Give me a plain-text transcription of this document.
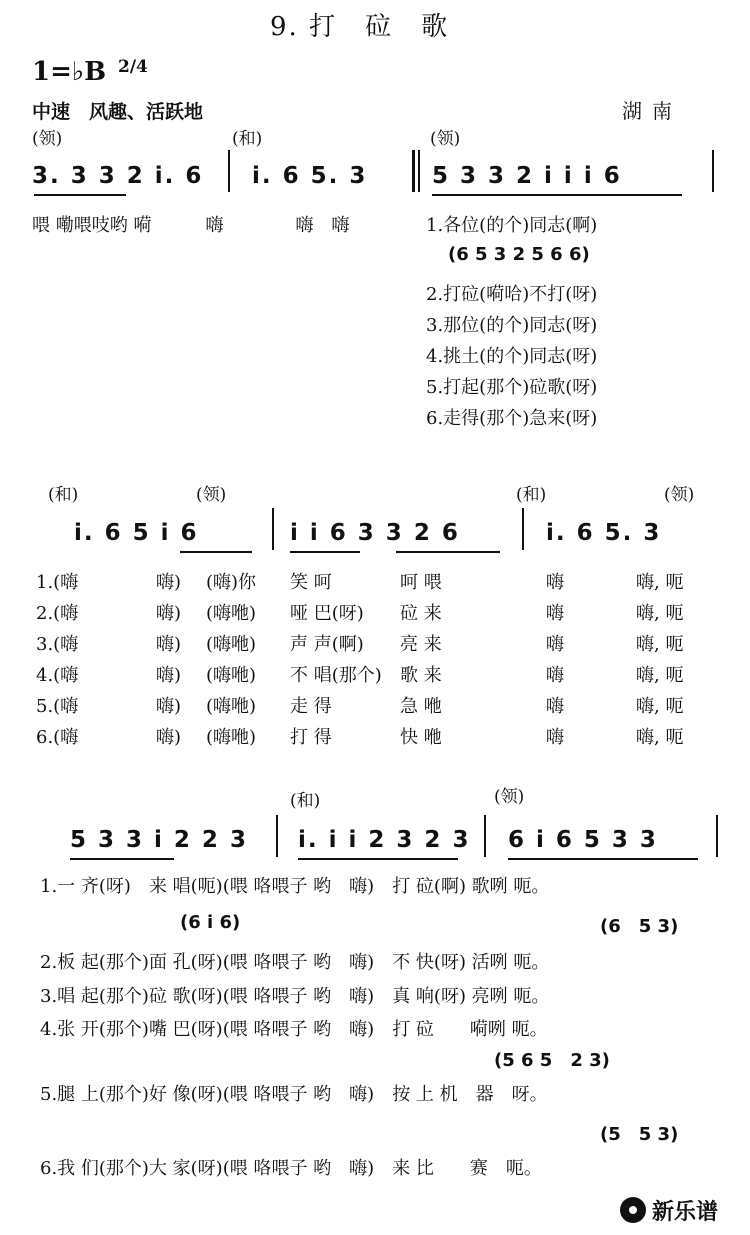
9. 打　砬　歌
1=♭B 2/4
中速　风趣、活跃地	湖南
(领)	(和)	(领)
3. 3 3 2 i. 6 i. 6 5. 3	5 3 3 2 i i i 6
喂 嘞喂吱哟 嗬　　　嗨　　　　嗨　嗨	1.各位(的个)同志(啊)
(6 5 3 2 5 6 6)
2.打砬(嗬哈)不打(呀)
3.那位(的个)同志(呀)
4.挑土(的个)同志(呀)
5.打起(那个)砬歌(呀)
6.走得(那个)急来(呀)
(和)	(领)	(和)	(领)
i. 6 5 i 6	i i 6 3 3 2 6	i. 6 5. 3
1.(嗨	嗨) (嗨)你 笑 呵	呵 喂	嗨	嗨, 呃
2.(嗨	嗨) (嗨咃) 哑 巴(呀) 砬 来	嗨	嗨, 呃
3.(嗨	嗨) (嗨咃) 声 声(啊) 亮 来	嗨	嗨, 呃
4.(嗨	嗨) (嗨咃) 不 唱(那个) 歌 来	嗨	嗨, 呃
5.(嗨	嗨) (嗨咃) 走 得	急 咃	嗨	嗨, 呃
6.(嗨	嗨) (嗨咃) 打 得	快 咃	嗨	嗨, 呃
(和)	(领)
5 3 3 i 2 2 3 i. i i 2 3 2 3 6 i 6 5 3 3
1.一 齐(呀)　来 唱(呃)(喂 咯喂子 哟　嗨)　打 砬(啊) 歌咧 呃。
(6 i 6)	(6　5 3)
2.板 起(那个)面 孔(呀)(喂 咯喂子 哟　嗨)　不 快(呀) 活咧 呃。
3.唱 起(那个)砬 歌(呀)(喂 咯喂子 哟　嗨)　真 响(呀) 亮咧 呃。
4.张 开(那个)嘴 巴(呀)(喂 咯喂子 哟　嗨)　打 砬　　嗬咧 呃。
(5 6 5　2 3)
5.腿 上(那个)好 像(呀)(喂 咯喂子 哟　嗨)　按 上 机　器　呀。
(5　5 3)
6.我 们(那个)大 家(呀)(喂 咯喂子 哟　嗨)　来 比　　赛　呃。
新乐谱
